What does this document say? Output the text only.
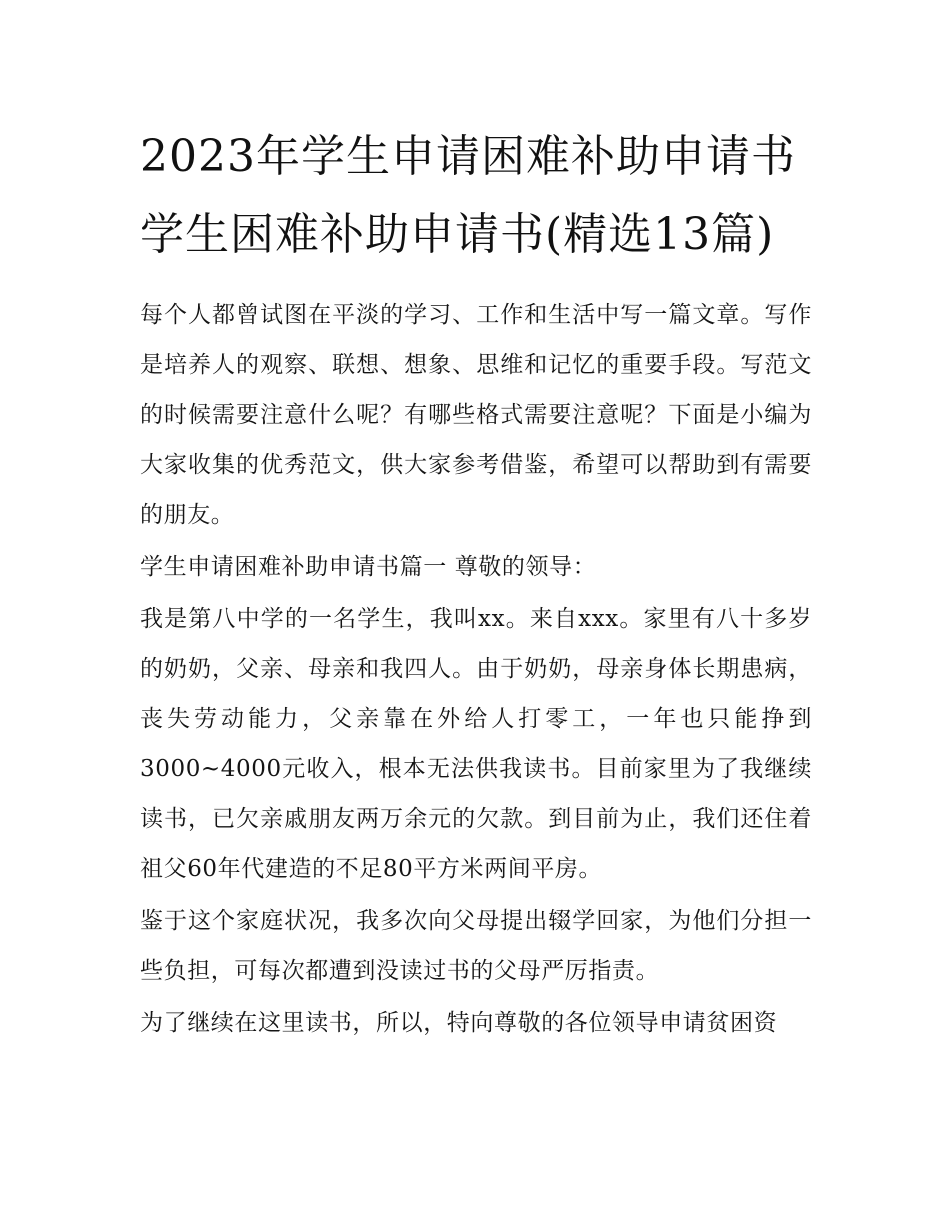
2023年学生申请困难补助申请书 学生困难补助申请书(精选13篇)

每个人都曾试图在平淡的学习、工作和生活中写一篇文章。写作是培养人的观察、联想、想象、思维和记忆的重要手段。写范文的时候需要注意什么呢？有哪些格式需要注意呢？下面是小编为大家收集的优秀范文，供大家参考借鉴，希望可以帮助到有需要的朋友。

学生申请困难补助申请书篇一 尊敬的领导：

我是第八中学的一名学生，我叫xx。来自xxx。家里有八十多岁的奶奶，父亲、母亲和我四人。由于奶奶，母亲身体长期患病，丧失劳动能力，父亲靠在外给人打零工，一年也只能挣到3000~4000元收入，根本无法供我读书。目前家里为了我继续读书，已欠亲戚朋友两万余元的欠款。到目前为止，我们还住着祖父60年代建造的不足80平方米两间平房。

鉴于这个家庭状况，我多次向父母提出辍学回家，为他们分担一些负担，可每次都遭到没读过书的父母严厉指责。

为了继续在这里读书，所以，特向尊敬的各位领导申请贫困资
